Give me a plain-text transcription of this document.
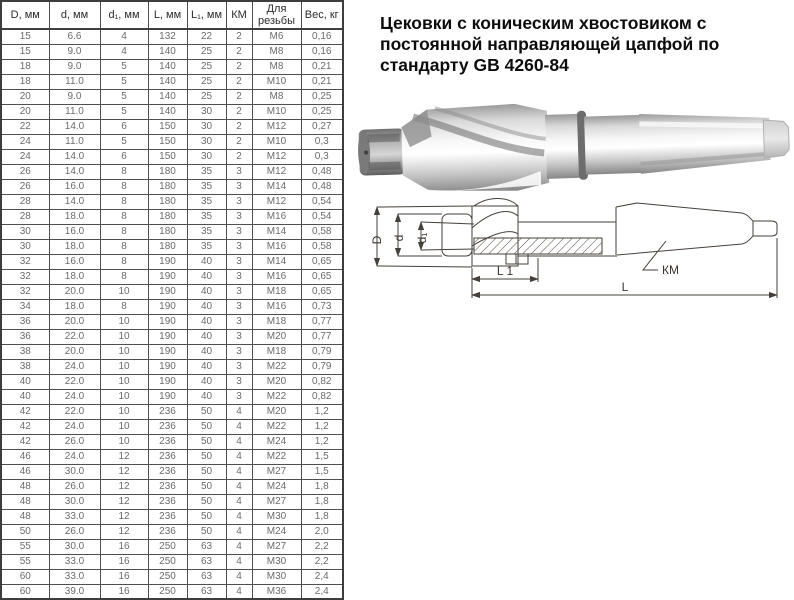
D, мм	d, мм	d₁, мм	L, мм	L₁, мм	КМ	Для резьбы	Вес, кг
15	6.6	4	132	22	2	M6	0,16
15	9.0	4	140	25	2	M8	0,16
18	9.0	5	140	25	2	M8	0,21
18	11.0	5	140	25	2	M10	0,21
20	9.0	5	140	25	2	M8	0,25
20	11.0	5	140	30	2	M10	0,25
22	14.0	6	150	30	2	M12	0,27
24	11.0	5	150	30	2	M10	0,3
24	14.0	6	150	30	2	M12	0,3
26	14.0	8	180	35	3	M12	0,48
26	16.0	8	180	35	3	M14	0,48
28	14.0	8	180	35	3	M12	0,54
28	18.0	8	180	35	3	M16	0,54
30	16.0	8	180	35	3	M14	0,58
30	18.0	8	180	35	3	M16	0,58
32	16.0	8	190	40	3	M14	0,65
32	18.0	8	190	40	3	M16	0,65
32	20.0	10	190	40	3	M18	0,65
34	18.0	8	190	40	3	M16	0,73
36	20.0	10	190	40	3	M18	0,77
36	22.0	10	190	40	3	M20	0,77
38	20.0	10	190	40	3	M18	0,79
38	24.0	10	190	40	3	M22	0,79
40	22.0	10	190	40	3	M20	0,82
40	24.0	10	190	40	3	M22	0,82
42	22.0	10	236	50	4	M20	1,2
42	24.0	10	236	50	4	M22	1,2
42	26.0	10	236	50	4	M24	1,2
46	24.0	12	236	50	4	M22	1,5
46	30.0	12	236	50	4	M27	1,5
48	26.0	12	236	50	4	M24	1,8
48	30.0	12	236	50	4	M27	1,8
48	33.0	12	236	50	4	M30	1,8
50	26.0	12	236	50	4	M24	2,0
55	30.0	16	250	63	4	M27	2,2
55	33.0	16	250	63	4	M30	2,2
60	33.0	16	250	63	4	M30	2,4
60	39.0	16	250	63	4	M36	2,4
Цековки с коническим хвостовиком с постоянной направляющей цапфой по стандарту GB 4260-84
D d d₁
L 1
L
КМ
